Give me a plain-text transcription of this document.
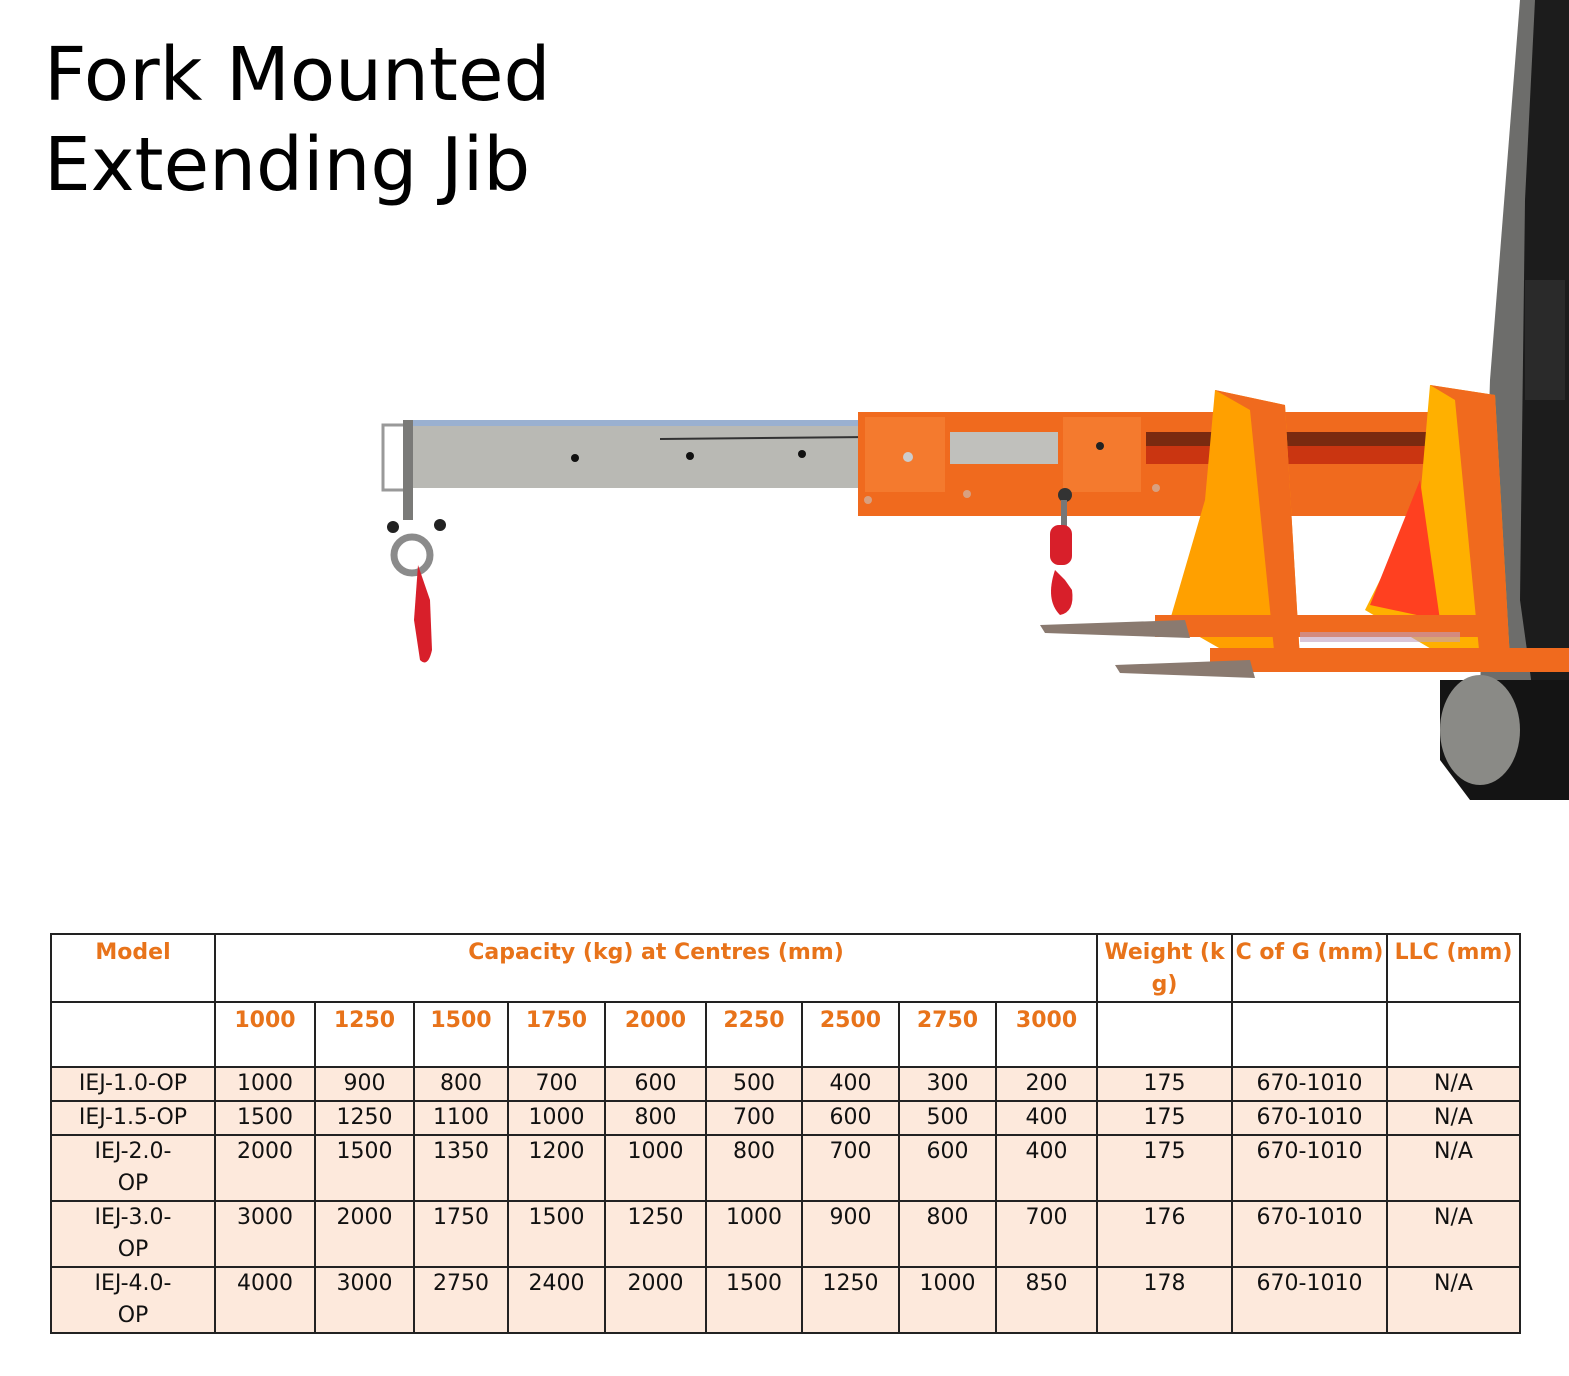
Fork Mounted
Extending Jib
Model	Capacity (kg) at Centres (mm)									Weight (kg)	C of G (mm)	LLC (mm)
	1000	1250	1500	1750	2000	2250	2500	2750	3000			
IEJ-1.0-OP	1000	900	800	700	600	500	400	300	200	175	670-1010	N/A
IEJ-1.5-OP	1500	1250	1100	1000	800	700	600	500	400	175	670-1010	N/A
IEJ-2.0-OP	2000	1500	1350	1200	1000	800	700	600	400	175	670-1010	N/A
IEJ-3.0-OP	3000	2000	1750	1500	1250	1000	900	800	700	176	670-1010	N/A
IEJ-4.0-OP	4000	3000	2750	2400	2000	1500	1250	1000	850	178	670-1010	N/A
